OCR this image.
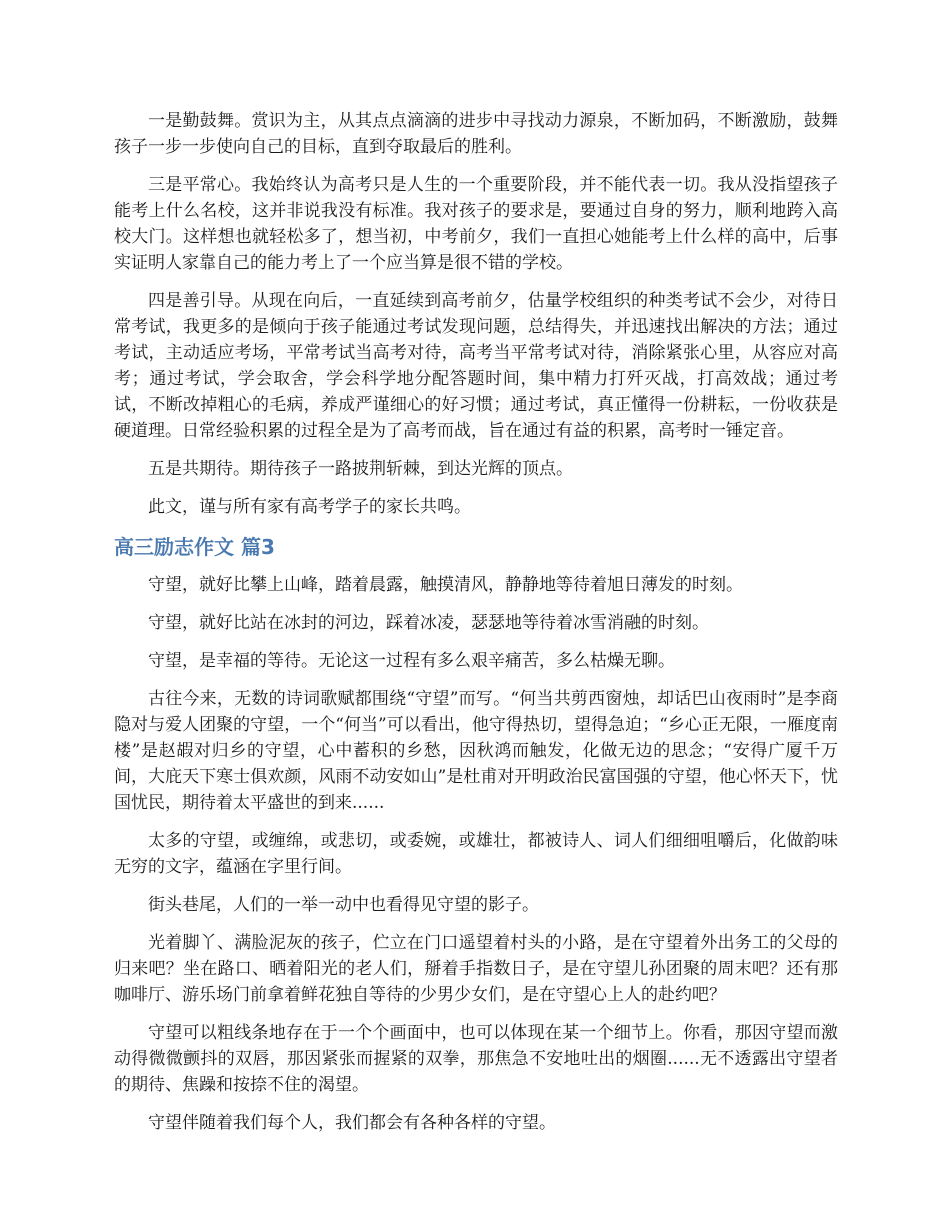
一是勤鼓舞。赏识为主，从其点点滴滴的进步中寻找动力源泉，不断加码，不断激励，鼓舞孩子一步一步使向自己的目标，直到夺取最后的胜利。

三是平常心。我始终认为高考只是人生的一个重要阶段，并不能代表一切。我从没指望孩子能考上什么名校，这并非说我没有标准。我对孩子的要求是，要通过自身的努力，顺利地跨入高校大门。这样想也就轻松多了，想当初，中考前夕，我们一直担心她能考上什么样的高中，后事实证明人家靠自己的能力考上了一个应当算是很不错的学校。

四是善引导。从现在向后，一直延续到高考前夕，估量学校组织的种类考试不会少，对待日常考试，我更多的是倾向于孩子能通过考试发现问题，总结得失，并迅速找出解决的方法；通过考试，主动适应考场，平常考试当高考对待，高考当平常考试对待，消除紧张心里，从容应对高考；通过考试，学会取舍，学会科学地分配答题时间，集中精力打歼灭战，打高效战；通过考试，不断改掉粗心的毛病，养成严谨细心的好习惯；通过考试，真正懂得一份耕耘，一份收获是硬道理。日常经验积累的过程全是为了高考而战，旨在通过有益的积累，高考时一锤定音。

五是共期待。期待孩子一路披荆斩棘，到达光辉的顶点。

此文，谨与所有家有高考学子的家长共鸣。

高三励志作文 篇3

守望，就好比攀上山峰，踏着晨露，触摸清风，静静地等待着旭日薄发的时刻。

守望，就好比站在冰封的河边，踩着冰凌，瑟瑟地等待着冰雪消融的时刻。

守望，是幸福的等待。无论这一过程有多么艰辛痛苦，多么枯燥无聊。

古往今来，无数的诗词歌赋都围绕“守望”而写。“何当共剪西窗烛，却话巴山夜雨时”是李商隐对与爱人团聚的守望，一个“何当”可以看出，他守得热切，望得急迫；“乡心正无限，一雁度南楼”是赵嘏对归乡的守望，心中蓄积的乡愁，因秋鸿而触发，化做无边的思念；“安得广厦千万间，大庇天下寒士俱欢颜，风雨不动安如山”是杜甫对开明政治民富国强的守望，他心怀天下，忧国忧民，期待着太平盛世的到来......

太多的守望，或缠绵，或悲切，或委婉，或雄壮，都被诗人、词人们细细咀嚼后，化做韵味无穷的文字，蕴涵在字里行间。

街头巷尾，人们的一举一动中也看得见守望的影子。

光着脚丫、满脸泥灰的孩子，伫立在门口遥望着村头的小路，是在守望着外出务工的父母的归来吧？坐在路口、晒着阳光的老人们，掰着手指数日子，是在守望儿孙团聚的周末吧？还有那咖啡厅、游乐场门前拿着鲜花独自等待的少男少女们，是在守望心上人的赴约吧？

守望可以粗线条地存在于一个个画面中，也可以体现在某一个细节上。你看，那因守望而激动得微微颤抖的双唇，那因紧张而握紧的双拳，那焦急不安地吐出的烟圈......无不透露出守望者的期待、焦躁和按捺不住的渴望。

守望伴随着我们每个人，我们都会有各种各样的守望。
